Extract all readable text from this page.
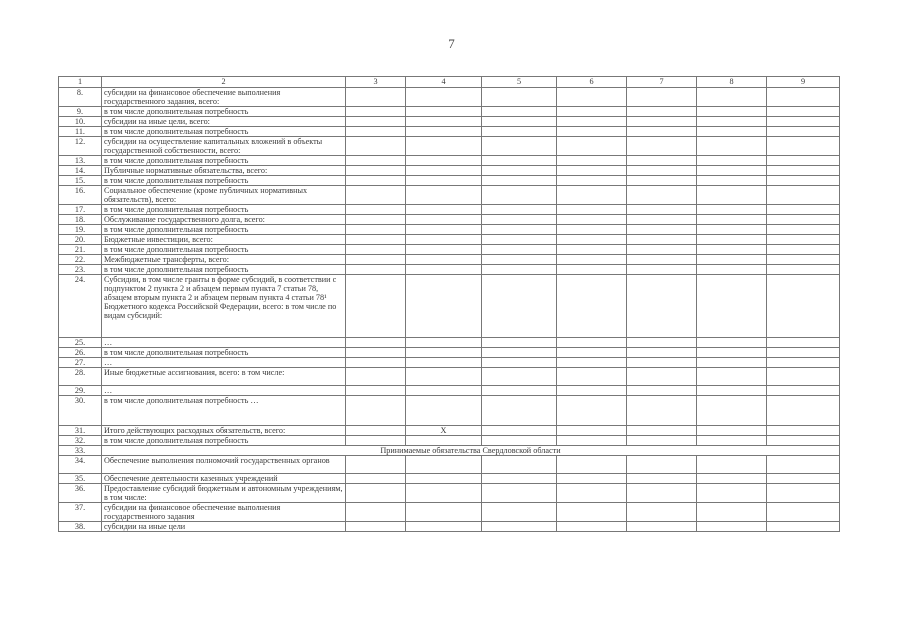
7
1	2	3	4	5	6	7	8	9
8.	субсидии на финансовое обеспечение выполнения государственного задания, всего:							
9.	в том числе дополнительная потребность							
10.	субсидии на иные цели, всего:							
11.	в том числе дополнительная потребность							
12.	субсидии на осуществление капитальных вложений в объекты государственной собственности, всего:							
13.	в том числе дополнительная потребность							
14.	Публичные нормативные обязательства, всего:							
15.	в том числе дополнительная потребность							
16.	Социальное обеспечение (кроме публичных нормативных обязательств), всего:							
17.	в том числе дополнительная потребность							
18.	Обслуживание государственного долга, всего:							
19.	в том числе дополнительная потребность							
20.	Бюджетные инвестиции, всего:							
21.	в том числе дополнительная потребность							
22.	Межбюджетные трансферты, всего:							
23.	в том числе дополнительная потребность							
24.	Субсидии, в том числе гранты в форме субсидий, в соответствии с подпунктом 2 пункта 2 и абзацем первым пункта 7 статьи 78, абзацем вторым пункта 2 и абзацем первым пункта 4 статьи 78¹ Бюджетного кодекса Российской Федерации, всего: в том числе по видам субсидий:							
25.	…							
26.	в том числе дополнительная потребность							
27.	…							
28.	Иные бюджетные ассигнования, всего: в том числе:							
29.	…							
30.	в том числе дополнительная потребность …							
31.	Итого действующих расходных обязательств, всего:		X					
32.	в том числе дополнительная потребность							
33.	Принимаемые обязательства Свердловской области							
34.	Обеспечение выполнения полномочий государственных органов							
35.	Обеспечение деятельности казенных учреждений							
36.	Предоставление субсидий бюджетным и автономным учреждениям, в том числе:							
37.	субсидии на финансовое обеспечение выполнения государственного задания							
38.	субсидии на иные цели							
